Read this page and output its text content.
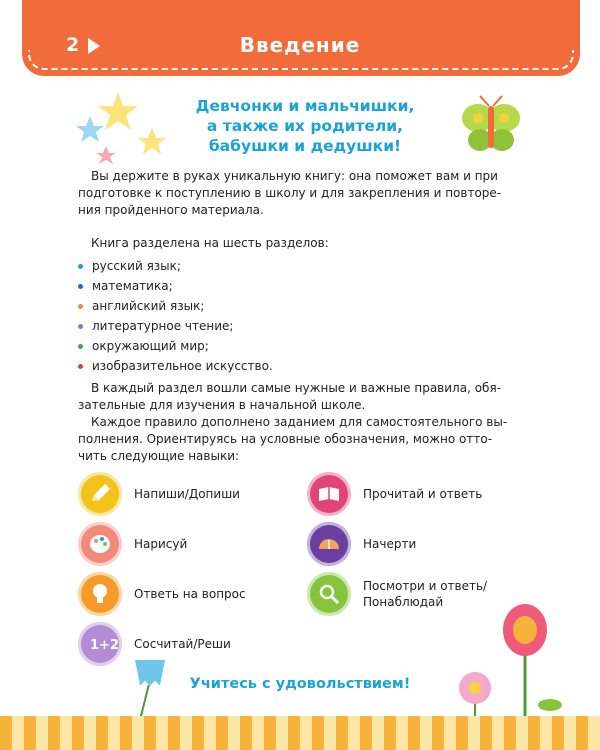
2	Введение
Девчонки и мальчишки,
а также их родители,
бабушки и дедушки!
Вы держите в руках уникальную книгу: она поможет вам и при
подготовке к поступлению в школу и для закрепления и повторе-
ния пройденного материала.
Книга разделена на шесть разделов:
русский язык;
математика;
английский язык;
литературное чтение;
окружающий мир;
изобразительное искусство.
В каждый раздел вошли самые нужные и важные правила, обя-
зательные для изучения в начальной школе.
Каждое правило дополнено заданием для самостоятельного вы-
полнения. Ориентируясь на условные обозначения, можно отто-
чить следующие навыки:
Напиши/Допиши
Нарисуй
Ответь на вопрос
1+2 Сосчитай/Реши
Прочитай и ответь
Начерти
Посмотри и ответь/
Понаблюдай
Учитесь с удовольствием!
